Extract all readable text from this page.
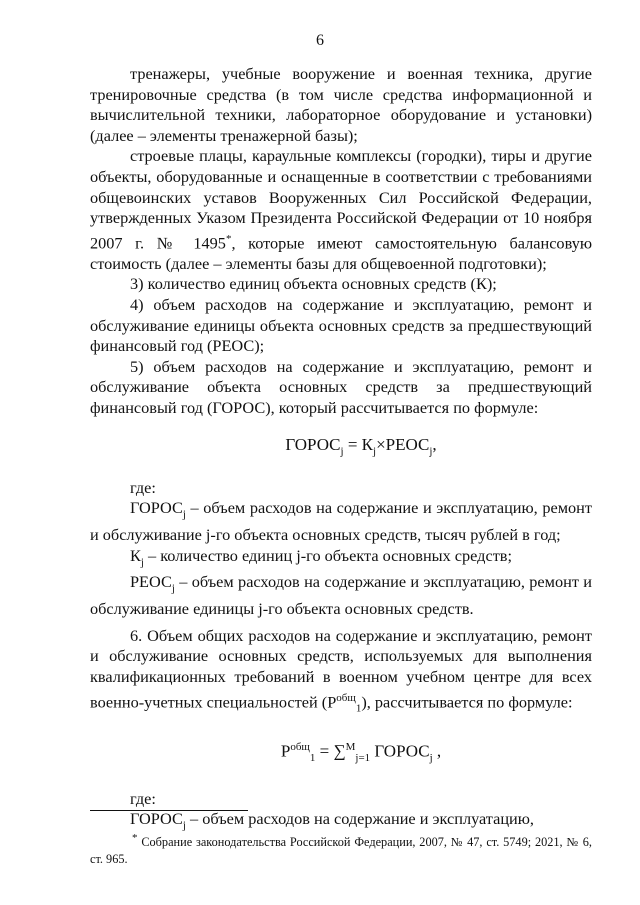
6

тренажеры, учебные вооружение и военная техника, другие тренировочные средства (в том числе средства информационной и вычислительной техники, лабораторное оборудование и установки) (далее – элементы тренажерной базы);

строевые плацы, караульные комплексы (городки), тиры и другие объекты, оборудованные и оснащенные в соответствии с требованиями общевоинских уставов Вооруженных Сил Российской Федерации, утвержденных Указом Президента Российской Федерации от 10 ноября 2007 г. № 1495*, которые имеют самостоятельную балансовую стоимость (далее – элементы базы для общевоенной подготовки);

3) количество единиц объекта основных средств (К);

4) объем расходов на содержание и эксплуатацию, ремонт и обслуживание единицы объекта основных средств за предшествующий финансовый год (РЕОС);

5) объем расходов на содержание и эксплуатацию, ремонт и обслуживание объекта основных средств за предшествующий финансовый год (ГОРОС), который рассчитывается по формуле:

$ГОРОС_j$ = $К_j\times РЕОС_j$,

где:

$ГОРОС_j$ – объем расходов на содержание и эксплуатацию, ремонт и обслуживание j-го объекта основных средств, тысяч рублей в год;

$К_j$ – количество единиц j-го объекта основных средств;

$РЕОС_j$ – объем расходов на содержание и эксплуатацию, ремонт и обслуживание единицы j-го объекта основных средств.

6. Объем общих расходов на содержание и эксплуатацию, ремонт и обслуживание основных средств, используемых для выполнения квалификационных требований в военном учебном центре для всех военно-учетных специальностей $(Р^{общ}_1)$, рассчитывается по формуле:

$Р^{общ}_1 = \sum^M_{j=1}$ $ГОРОС_j$ ,

где:

$ГОРОС_j$ – объем расходов на содержание и эксплуатацию,

* Собрание законодательства Российской Федерации, 2007, № 47, ст. 5749; 2021, № 6, ст. 965.
